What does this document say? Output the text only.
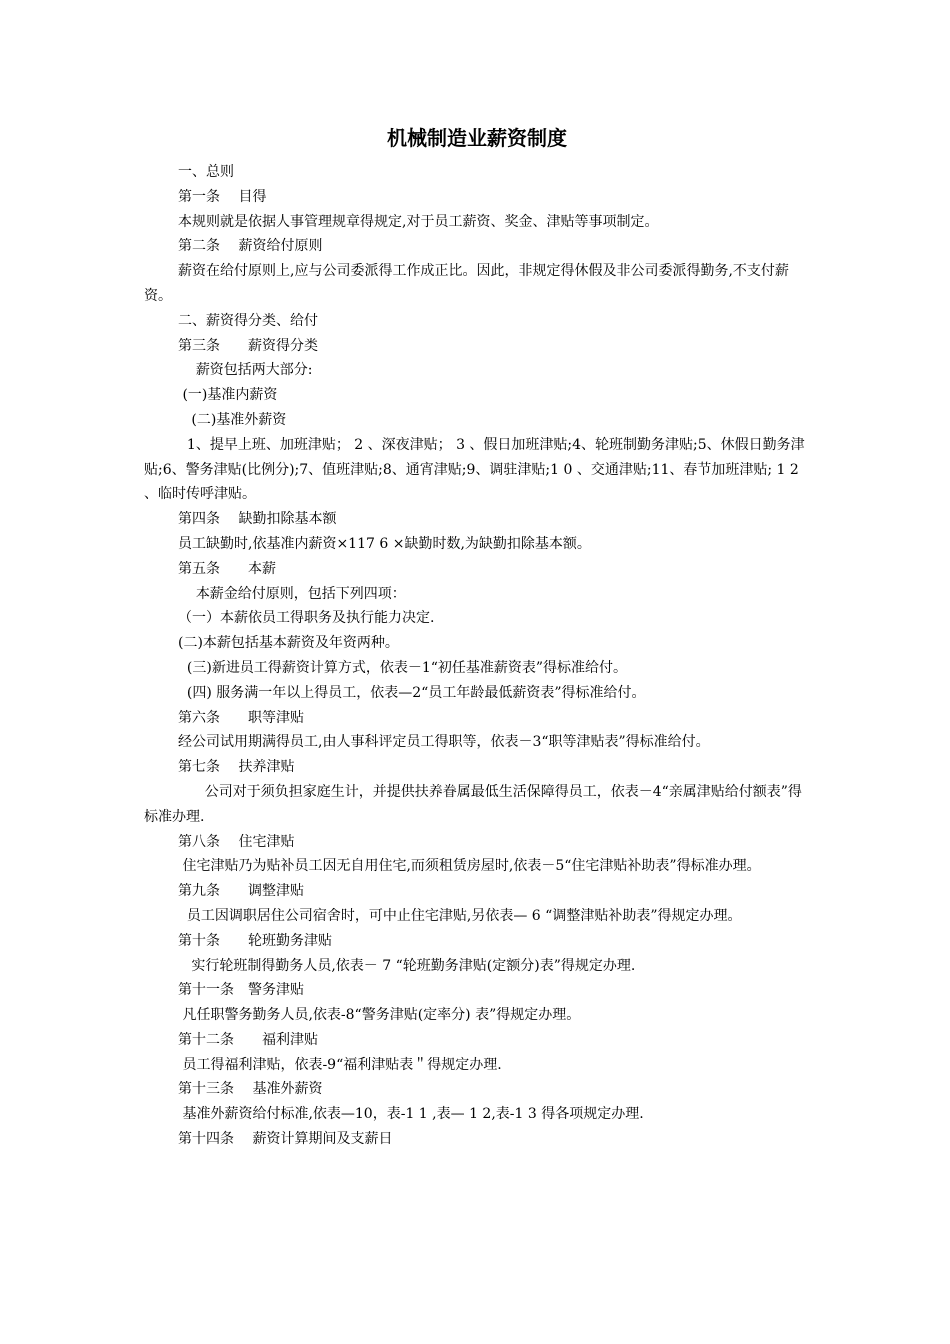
机械制造业薪资制度

一、总则

第一条　 目得

本规则就是依据人事管理规章得规定,对于员工薪资、奖金、津贴等事项制定。

第二条　 薪资给付原则

薪资在给付原则上,应与公司委派得工作成正比。因此，非规定得休假及非公司委派得勤务,不支付薪资。

二、薪资得分类、给付

第三条　　薪资得分类

薪资包括两大部分:

(一)基准内薪资

(二)基准外薪资

1、提早上班、加班津贴； 2 、深夜津贴； 3 、假日加班津贴;4、轮班制勤务津贴;5、休假日勤务津贴;6、警务津贴(比例分);7、值班津贴;8、通宵津贴;9、调驻津贴;1 0 、交通津贴;11、春节加班津贴; 1 2 、临时传呼津贴。

第四条　 缺勤扣除基本额

员工缺勤时,依基准内薪资×117 6 ×缺勤时数,为缺勤扣除基本额。

第五条　　本薪

本薪金给付原则，包括下列四项：

（一）本薪依员工得职务及执行能力决定.

(二)本薪包括基本薪资及年资两种。

(三)新进员工得薪资计算方式，依表－1“初任基准薪资表”得标准给付。

(四) 服务满一年以上得员工，依表—2“员工年龄最低薪资表”得标准给付。

第六条　　职等津贴

经公司试用期满得员工,由人事科评定员工得职等，依表－3“职等津贴表”得标准给付。

第七条　 扶养津贴

公司对于须负担家庭生计，并提供扶养眷属最低生活保障得员工，依表－4“亲属津贴给付额表”得标准办理.

第八条　 住宅津贴

住宅津贴乃为贴补员工因无自用住宅,而须租赁房屋时,依表－5“住宅津贴补助表”得标准办理。

第九条　　调整津贴

员工因调职居住公司宿舍时，可中止住宅津贴,另依表— 6 “调整津贴补助表”得规定办理。

第十条　　轮班勤务津贴

实行轮班制得勤务人员,依表－ 7 “轮班勤务津贴(定额分)表”得规定办理.

第十一条　警务津贴

凡任职警务勤务人员,依表-8“警务津贴(定率分) 表”得规定办理。

第十二条　　福利津贴

员工得福利津贴，依表-9“福利津贴表＂得规定办理.

第十三条　 基准外薪资

基准外薪资给付标准,依表—10，表-1 1 ,表— 1 2,表-1 3 得各项规定办理.

第十四条　 薪资计算期间及支薪日
